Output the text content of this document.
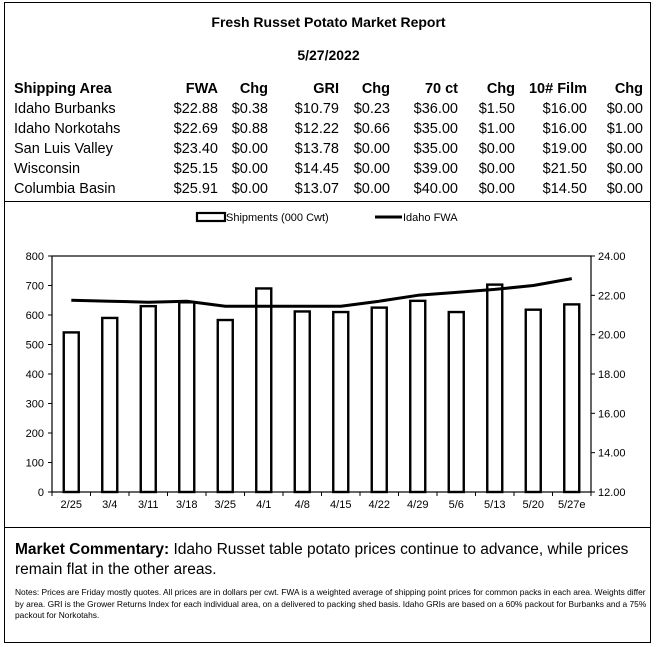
Fresh Russet Potato Market Report
5/27/2022
Shipping Area	FWA	Chg	GRI	Chg	70 ct	Chg	10# Film	Chg
Idaho Burbanks	$22.88	$0.38	$10.79	$0.23	$36.00	$1.50	$16.00	$0.00
Idaho Norkotahs	$22.69	$0.88	$12.22	$0.66	$35.00	$1.00	$16.00	$1.00
San Luis Valley	$23.40	$0.00	$13.78	$0.00	$35.00	$0.00	$19.00	$0.00
Wisconsin	$25.15	$0.00	$14.45	$0.00	$39.00	$0.00	$21.50	$0.00
Columbia Basin	$25.91	$0.00	$13.07	$0.00	$40.00	$0.00	$14.50	$0.00
0
100
200
300
400
500
600
700
800
12.00
14.00
16.00
18.00
20.00
22.00
24.00
2/25 3/4 3/11 3/18 3/25 4/1 4/8 4/15 4/22 4/29 5/6 5/13 5/20 5/27e
Shipments (000 Cwt)	Idaho FWA
Market Commentary: Idaho Russet table potato prices continue to advance, while prices remain flat in the other areas.
Notes: Prices are Friday mostly quotes. All prices are in dollars per cwt. FWA is a weighted average of shipping point prices for common packs in each area. Weights differ by area. GRI is the Grower Returns Index for each individual area, on a delivered to packing shed basis. Idaho GRIs are based on a 60% packout for Burbanks and a 75% packout for Norkotahs.
